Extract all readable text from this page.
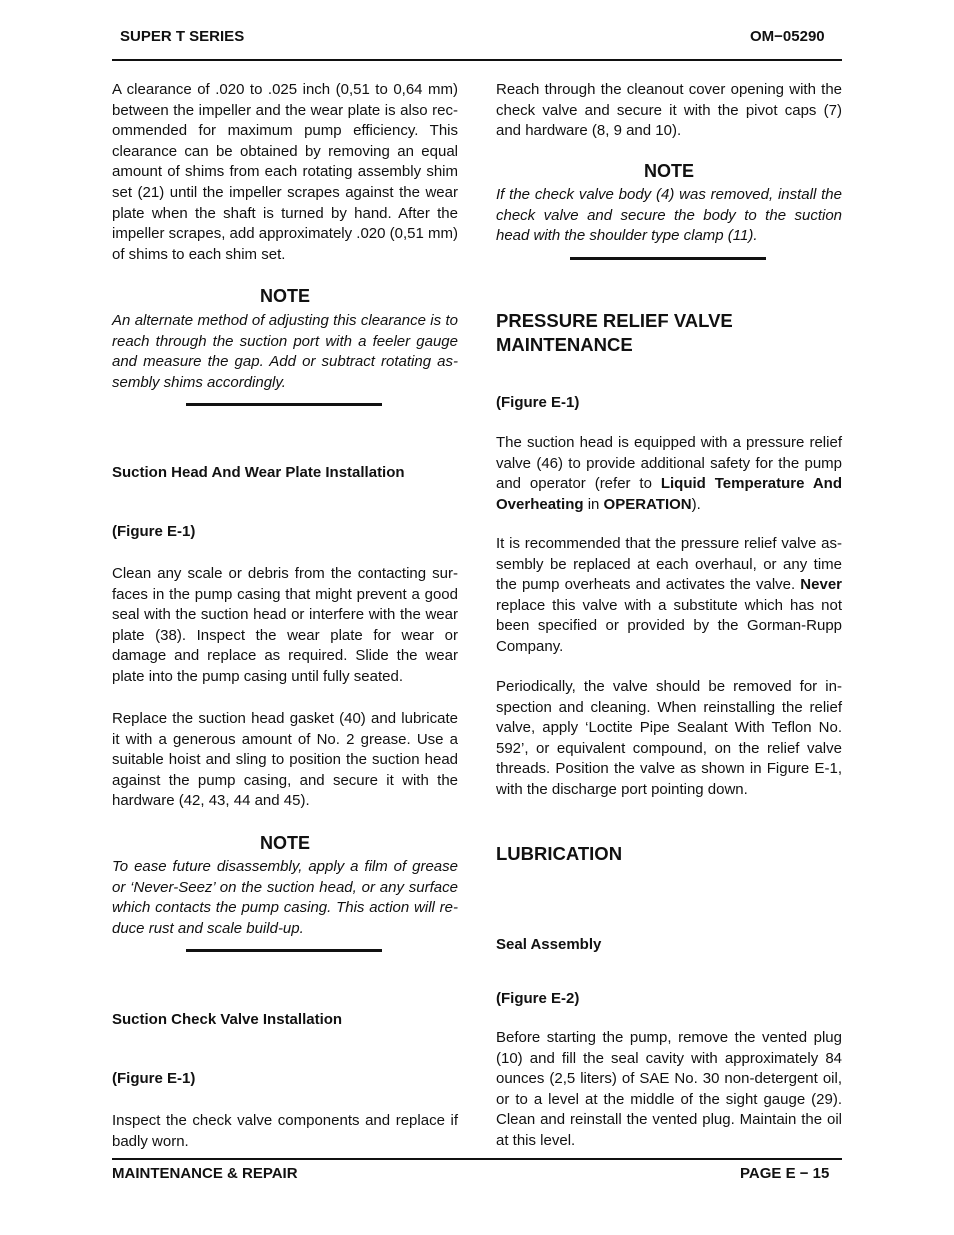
SUPER T SERIES	OM−05290

A clearance of .020 to .025 inch (0,51 to 0,64 mm) between the impeller and the wear plate is also recommended for maximum pump efficiency. This clearance can be obtained by removing an equal amount of shims from each rotating assembly shim set (21) until the impeller scrapes against the wear plate when the shaft is turned by hand. After the impeller scrapes, add approximately .020 (0,51 mm) of shims to each shim set.

NOTE

An alternate method of adjusting this clearance is to reach through the suction port with a feeler gauge and measure the gap. Add or subtract rotating assembly shims accordingly.

Suction Head And Wear Plate Installation

(Figure E-1)

Clean any scale or debris from the contacting surfaces in the pump casing that might prevent a good seal with the suction head or interfere with the wear plate (38). Inspect the wear plate for wear or damage and replace as required. Slide the wear plate into the pump casing until fully seated.

Replace the suction head gasket (40) and lubricate it with a generous amount of No. 2 grease. Use a suitable hoist and sling to position the suction head against the pump casing, and secure it with the hardware (42, 43, 44 and 45).

NOTE

To ease future disassembly, apply a film of grease or ‘Never-Seez’ on the suction head, or any surface which contacts the pump casing. This action will reduce rust and scale build-up.

Suction Check Valve Installation

(Figure E-1)

Inspect the check valve components and replace if badly worn.

Reach through the cleanout cover opening with the check valve and secure it with the pivot caps (7) and hardware (8, 9 and 10).

NOTE

If the check valve body (4) was removed, install the check valve and secure the body to the suction head with the shoulder type clamp (11).

PRESSURE RELIEF VALVE MAINTENANCE

(Figure E-1)

The suction head is equipped with a pressure relief valve (46) to provide additional safety for the pump and operator (refer to Liquid Temperature And Overheating in OPERATION).

It is recommended that the pressure relief valve assembly be replaced at each overhaul, or any time the pump overheats and activates the valve. Never replace this valve with a substitute which has not been specified or provided by the Gorman-Rupp Company.

Periodically, the valve should be removed for inspection and cleaning. When reinstalling the relief valve, apply ‘Loctite Pipe Sealant With Teflon No. 592’, or equivalent compound, on the relief valve threads. Position the valve as shown in Figure E-1, with the discharge port pointing down.

LUBRICATION

Seal Assembly

(Figure E-2)

Before starting the pump, remove the vented plug (10) and fill the seal cavity with approximately 84 ounces (2,5 liters) of SAE No. 30 non-detergent oil, or to a level at the middle of the sight gauge (29). Clean and reinstall the vented plug. Maintain the oil at this level.

MAINTENANCE & REPAIR	PAGE E − 15
